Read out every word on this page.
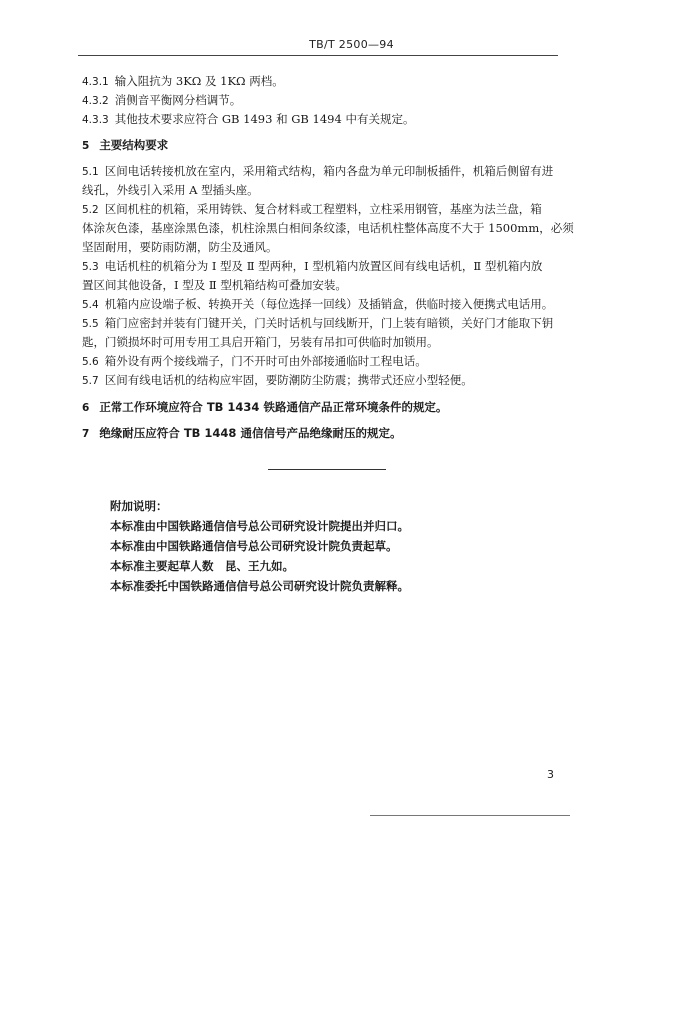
TB/T 2500—94
4.3.1 输入阻抗为 3KΩ 及 1KΩ 两档。
4.3.2 消侧音平衡网分档调节。
4.3.3 其他技术要求应符合 GB 1493 和 GB 1494 中有关规定。
5 主要结构要求
5.1 区间电话转接机放在室内，采用箱式结构，箱内各盘为单元印制板插件，机箱后侧留有进
线孔，外线引入采用 A 型插头座。
5.2 区间机柱的机箱，采用铸铁、复合材料或工程塑料，立柱采用钢管，基座为法兰盘，箱
体涂灰色漆，基座涂黑色漆，机柱涂黑白相间条纹漆，电话机柱整体高度不大于 1500mm，必须
坚固耐用，要防雨防潮，防尘及通风。
5.3 电话机柱的机箱分为 I 型及 Ⅱ 型两种，I 型机箱内放置区间有线电话机，Ⅱ 型机箱内放
置区间其他设备，I 型及 Ⅱ 型机箱结构可叠加安装。
5.4 机箱内应设端子板、转换开关（每位选择一回线）及插销盒，供临时接入便携式电话用。
5.5 箱门应密封并装有门键开关，门关时话机与回线断开，门上装有暗锁，关好门才能取下钥
匙，门锁损坏时可用专用工具启开箱门，另装有吊扣可供临时加锁用。
5.6 箱外设有两个接线端子，门不开时可由外部接通临时工程电话。
5.7 区间有线电话机的结构应牢固，要防潮防尘防震；携带式还应小型轻便。
6 正常工作环境应符合 TB 1434 铁路通信产品正常环境条件的规定。
7 绝缘耐压应符合 TB 1448 通信信号产品绝缘耐压的规定。
附加说明：
本标准由中国铁路通信信号总公司研究设计院提出并归口。
本标准由中国铁路通信信号总公司研究设计院负责起草。
本标准主要起草人数　昆、王九如。
本标准委托中国铁路通信信号总公司研究设计院负责解释。
3
